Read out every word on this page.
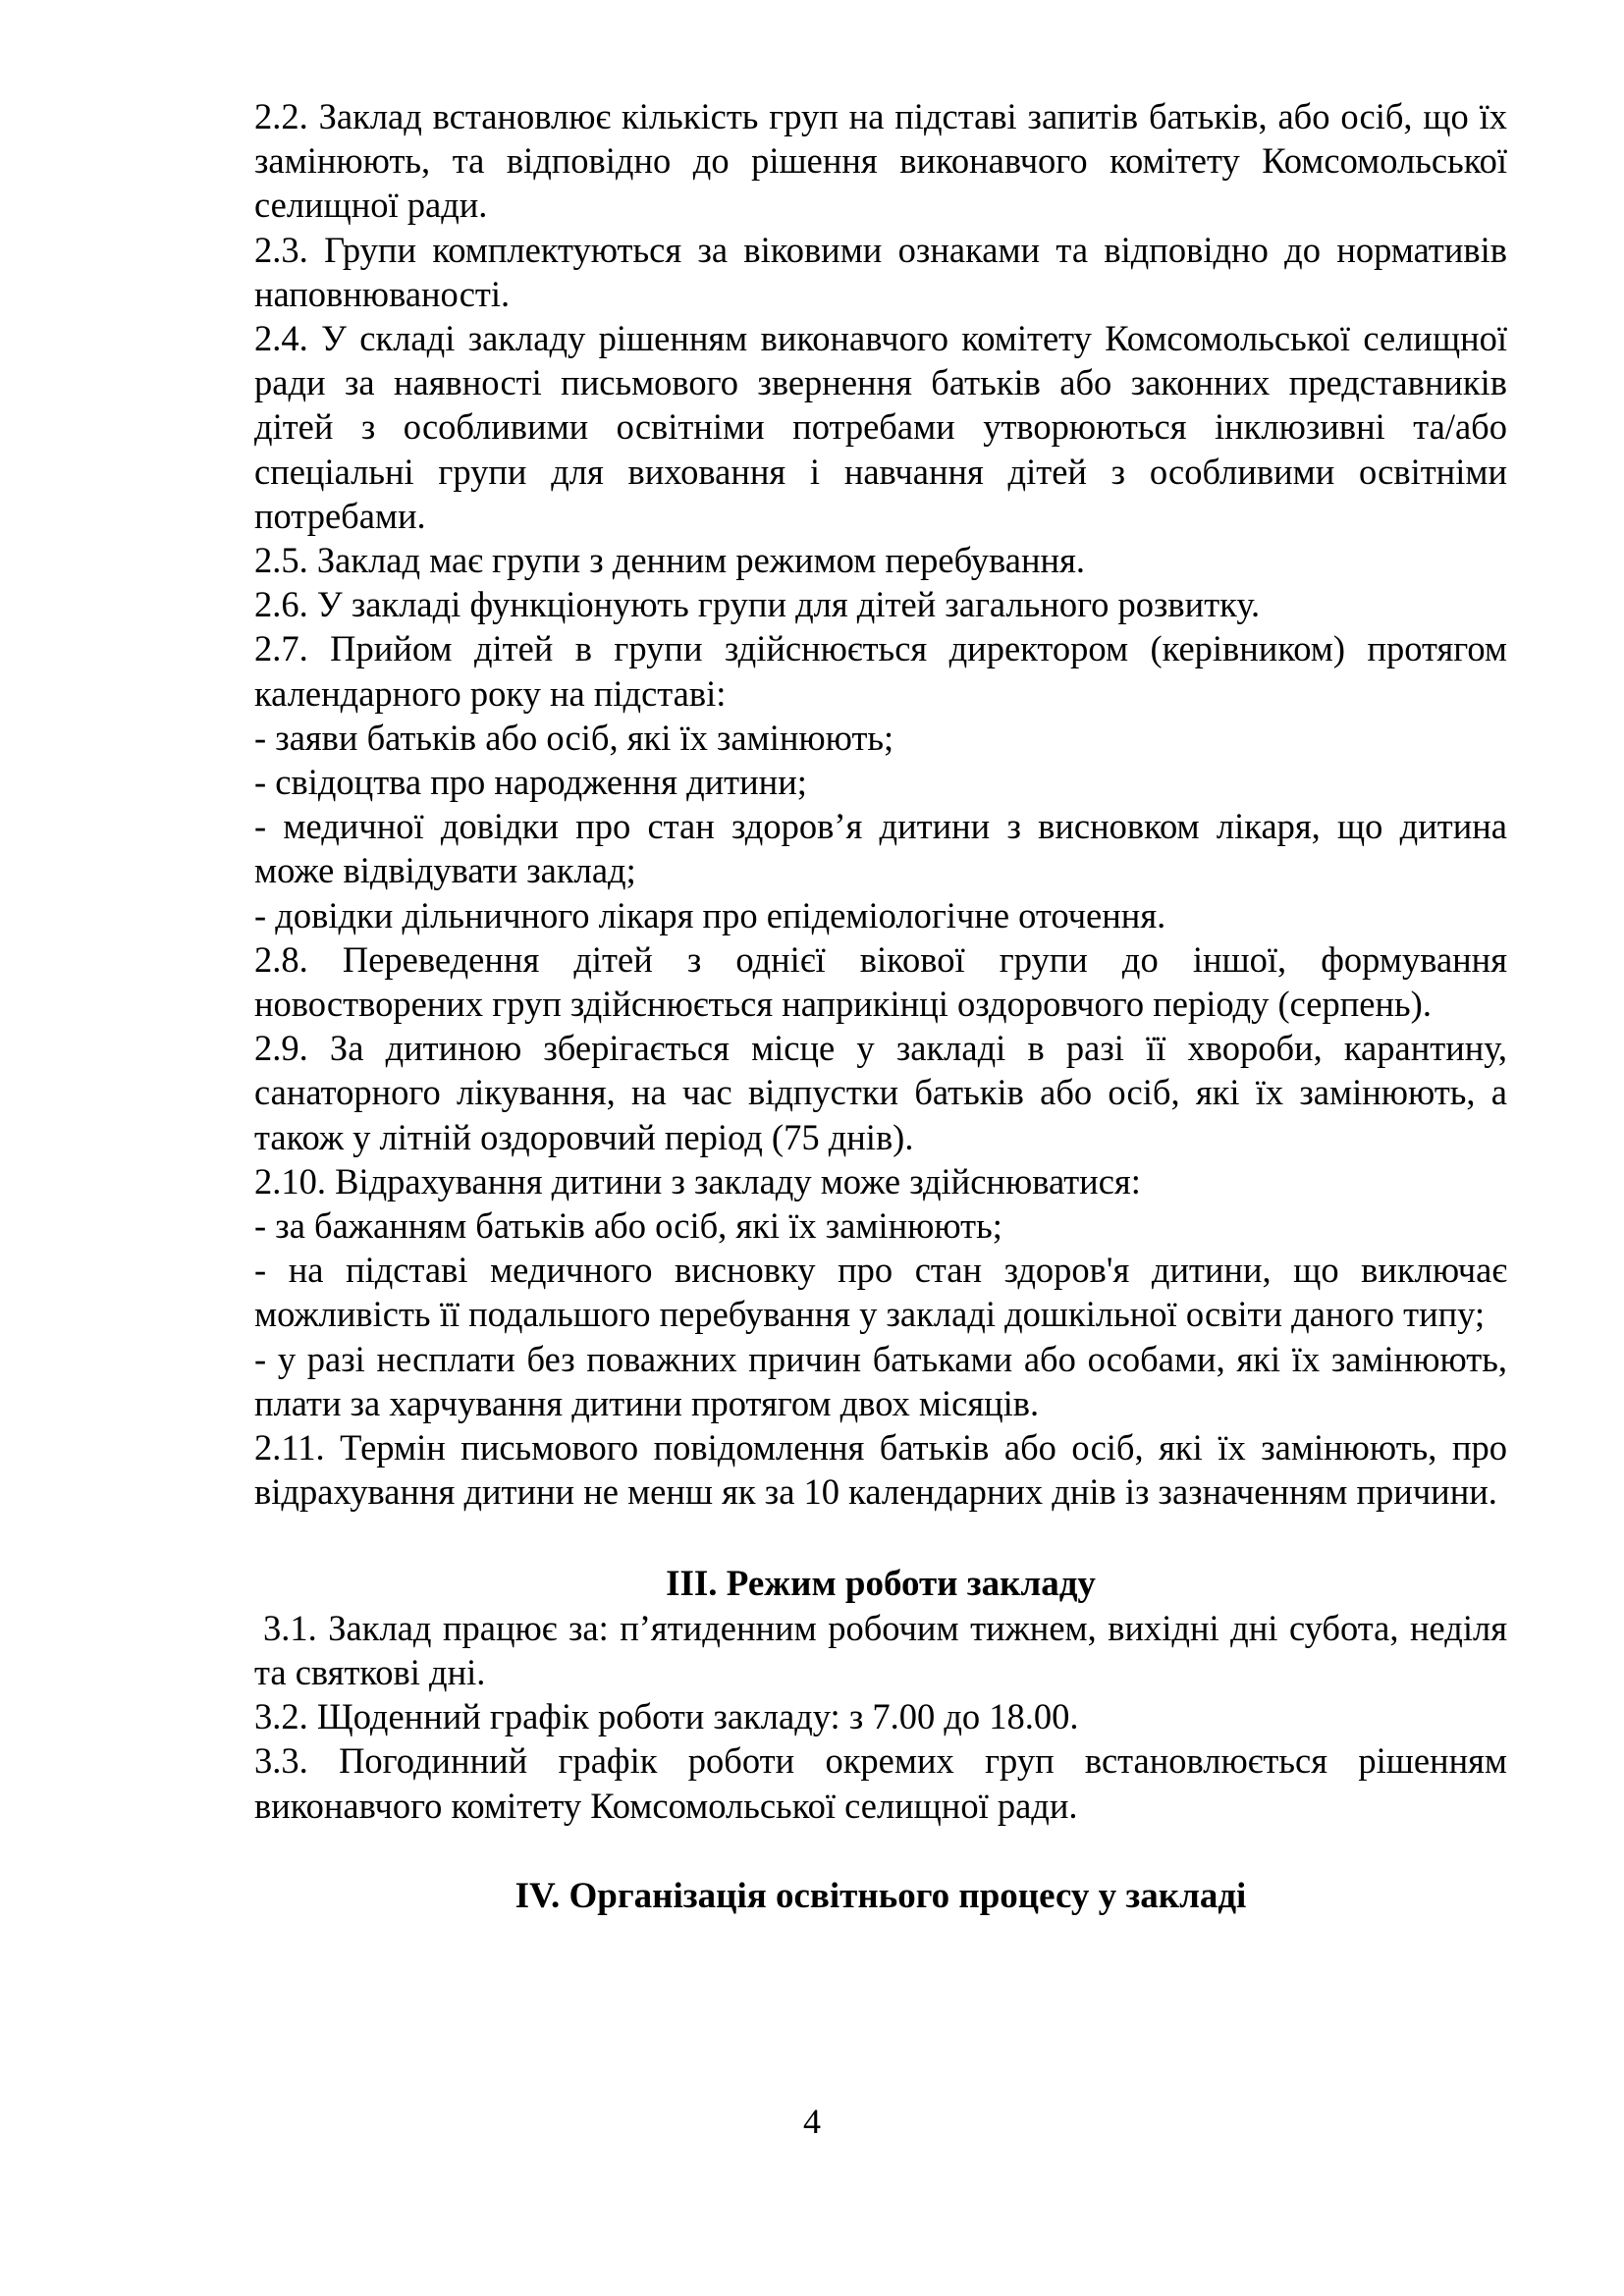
2.2. Заклад встановлює кількість груп на підставі запитів батьків, або осіб, що їх замінюють, та відповідно до рішення виконавчого комітету Комсомольської селищної ради.

2.3. Групи комплектуються за віковими ознаками та відповідно до нормативів наповнюваності.

2.4. У складі закладу рішенням виконавчого комітету Комсомольської селищної ради за наявності письмового звернення батьків або законних представників дітей з особливими освітніми потребами утворюються інклюзивні та/або спеціальні групи для виховання і навчання дітей з особливими освітніми потребами.

2.5. Заклад має групи з денним режимом перебування.

2.6. У закладі функціонують групи для дітей загального розвитку.

2.7. Прийом дітей в групи здійснюється директором (керівником) протягом календарного року на підставі:

- заяви батьків або осіб, які їх замінюють;

- свідоцтва про народження дитини;

- медичної довідки про стан здоров’я дитини з висновком лікаря, що дитина може відвідувати заклад;

- довідки дільничного лікаря про епідеміологічне оточення.

2.8. Переведення дітей з однієї вікової групи до іншої, формування новостворених груп здійснюється наприкінці оздоровчого періоду (серпень).

2.9. За дитиною зберігається місце у закладі в разі її хвороби, карантину, санаторного лікування, на час відпустки батьків або осіб, які їх замінюють, а також у літній оздоровчий період (75 днів).

2.10. Відрахування дитини з закладу може здійснюватися:

- за бажанням батьків або осіб, які їх замінюють;

- на підставі медичного висновку про стан здоров'я дитини, що виключає можливість її подальшого перебування у закладі дошкільної освіти даного типу;

- у разі несплати без поважних причин батьками або особами, які їх замінюють, плати за харчування дитини протягом двох місяців.

2.11. Термін письмового повідомлення батьків або осіб, які їх замінюють, про відрахування дитини не менш як за 10 календарних днів із зазначенням причини.

ІІІ. Режим роботи закладу

3.1. Заклад працює за: п’ятиденним робочим тижнем, вихідні дні субота, неділя та святкові дні.

3.2. Щоденний графік роботи закладу: з 7.00 до 18.00.

3.3. Погодинний графік роботи окремих груп встановлюється рішенням виконавчого комітету Комсомольської селищної ради.

IV. Організація освітнього процесу у закладі
4
